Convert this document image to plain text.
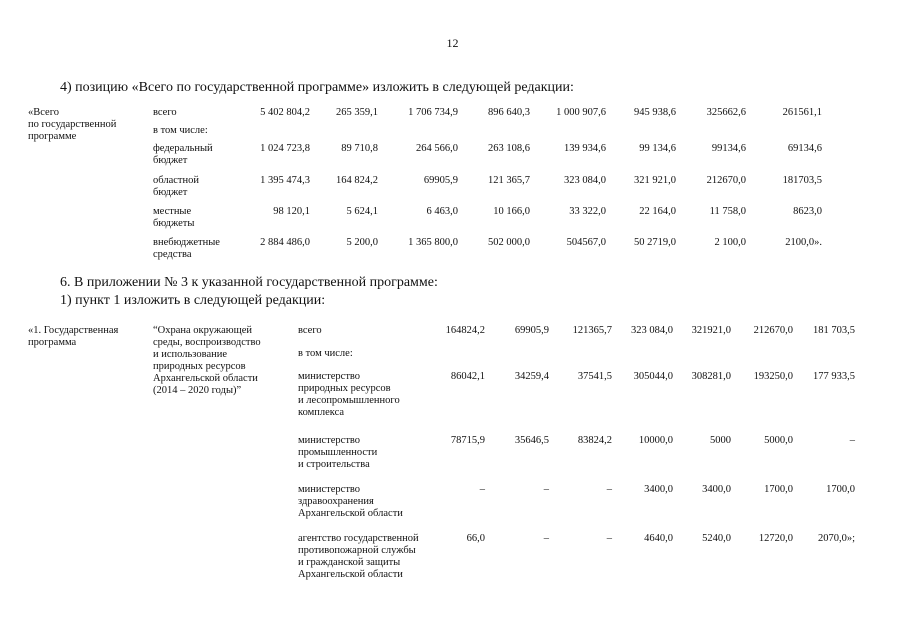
12
4) позицию «Всего по государственной программе» изложить в следующей редакции:
«Всего
по государственной
программе
всего	5 402 804,2	265 359,1	1 706 734,9	896 640,3	1 000 907,6	945 938,6	325662,6	261561,1
в том числе:
федеральный
бюджет
1 024 723,8	89 710,8	264 566,0	263 108,6	139 934,6	99 134,6	99134,6	69134,6
областной
бюджет
1 395 474,3	164 824,2	69905,9	121 365,7	323 084,0	321 921,0	212670,0	181703,5
местные
бюджеты
98 120,1	5 624,1	6 463,0	10 166,0	33 322,0	22 164,0	11 758,0	8623,0
внебюджетные
средства
2 884 486,0	5 200,0	1 365 800,0	502 000,0	504567,0	50 2719,0	2 100,0	2100,0».
6. В приложении № 3 к указанной государственной программе:
1) пункт 1 изложить в следующей редакции:
«1. Государственная
программа
“Охрана окружающей
среды, воспроизводство
и использование
природных ресурсов
Архангельской области
(2014 – 2020 годы)”
всего	164824,2	69905,9	121365,7	323 084,0	321921,0	212670,0	181 703,5
в том числе:
министерство
природных ресурсов
и лесопромышленного
комплекса
86042,1	34259,4	37541,5	305044,0	308281,0	193250,0	177 933,5
министерство
промышленности
и строительства
78715,9	35646,5	83824,2	10000,0	5000	5000,0	–
министерство
здравоохранения
Архангельской области
–	–	–	3400,0	3400,0	1700,0	1700,0
агентство государственной
противопожарной службы
и гражданской защиты
Архангельской области
66,0	–	–	4640,0	5240,0	12720,0	2070,0»;
